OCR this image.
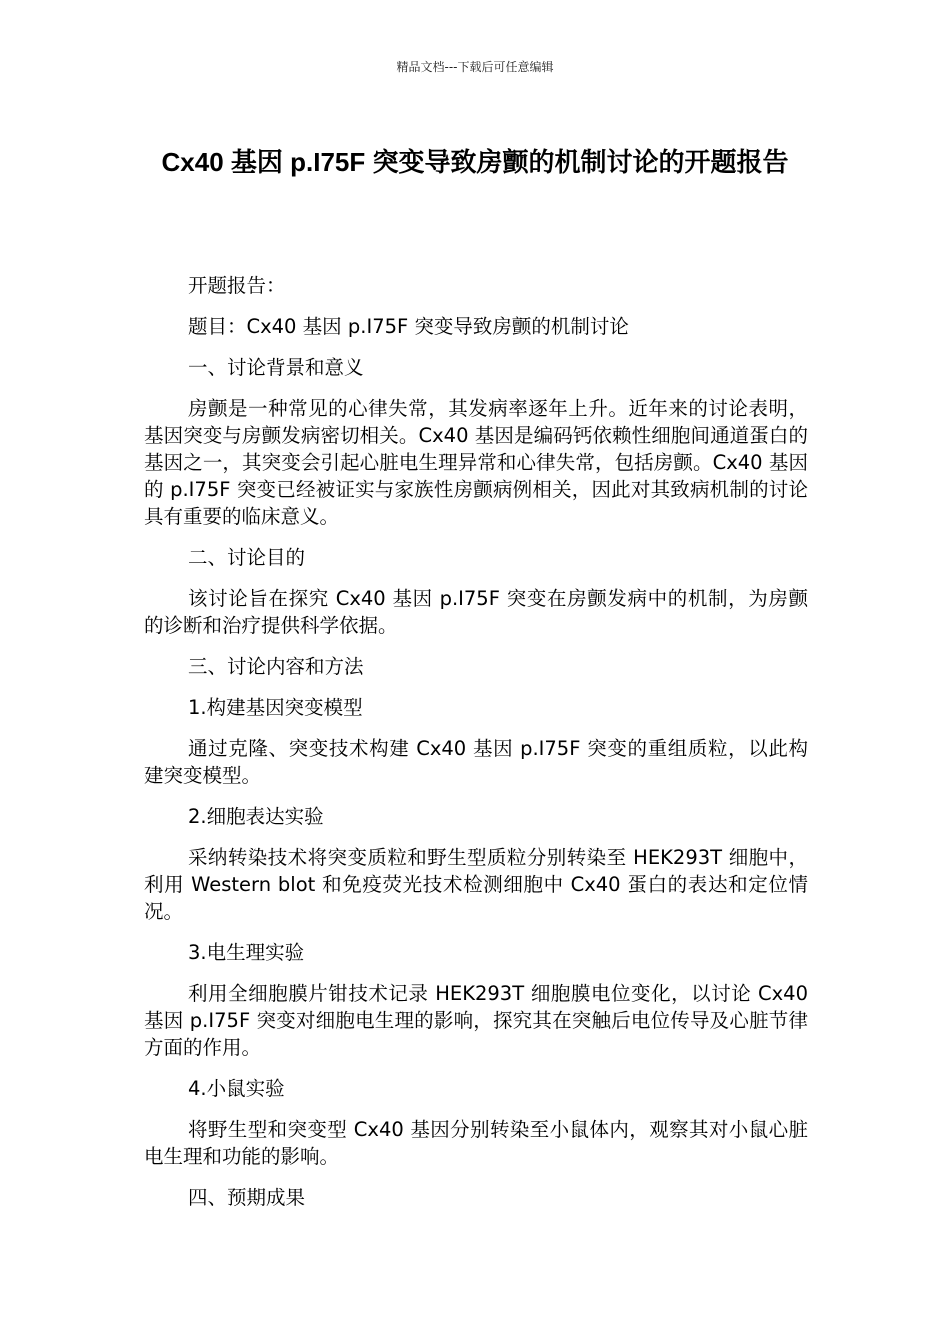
精品文档---下载后可任意编辑
Cx40 基因 p.I75F 突变导致房颤的机制讨论的开题报告

开题报告：

题目：Cx40 基因 p.I75F 突变导致房颤的机制讨论

一、讨论背景和意义

房颤是一种常见的心律失常，其发病率逐年上升。近年来的讨论表明，基因突变与房颤发病密切相关。Cx40 基因是编码钙依赖性细胞间通道蛋白的基因之一，其突变会引起心脏电生理异常和心律失常，包括房颤。Cx40 基因的 p.I75F 突变已经被证实与家族性房颤病例相关，因此对其致病机制的讨论具有重要的临床意义。

二、讨论目的

该讨论旨在探究 Cx40 基因 p.I75F 突变在房颤发病中的机制，为房颤的诊断和治疗提供科学依据。

三、讨论内容和方法

1.构建基因突变模型

通过克隆、突变技术构建 Cx40 基因 p.I75F 突变的重组质粒，以此构建突变模型。

2.细胞表达实验

采纳转染技术将突变质粒和野生型质粒分别转染至 HEK293T 细胞中，利用 Western blot 和免疫荧光技术检测细胞中 Cx40 蛋白的表达和定位情况。

3.电生理实验

利用全细胞膜片钳技术记录 HEK293T 细胞膜电位变化，以讨论 Cx40 基因 p.I75F 突变对细胞电生理的影响，探究其在突触后电位传导及心脏节律方面的作用。

4.小鼠实验

将野生型和突变型 Cx40 基因分别转染至小鼠体内，观察其对小鼠心脏电生理和功能的影响。

四、预期成果
